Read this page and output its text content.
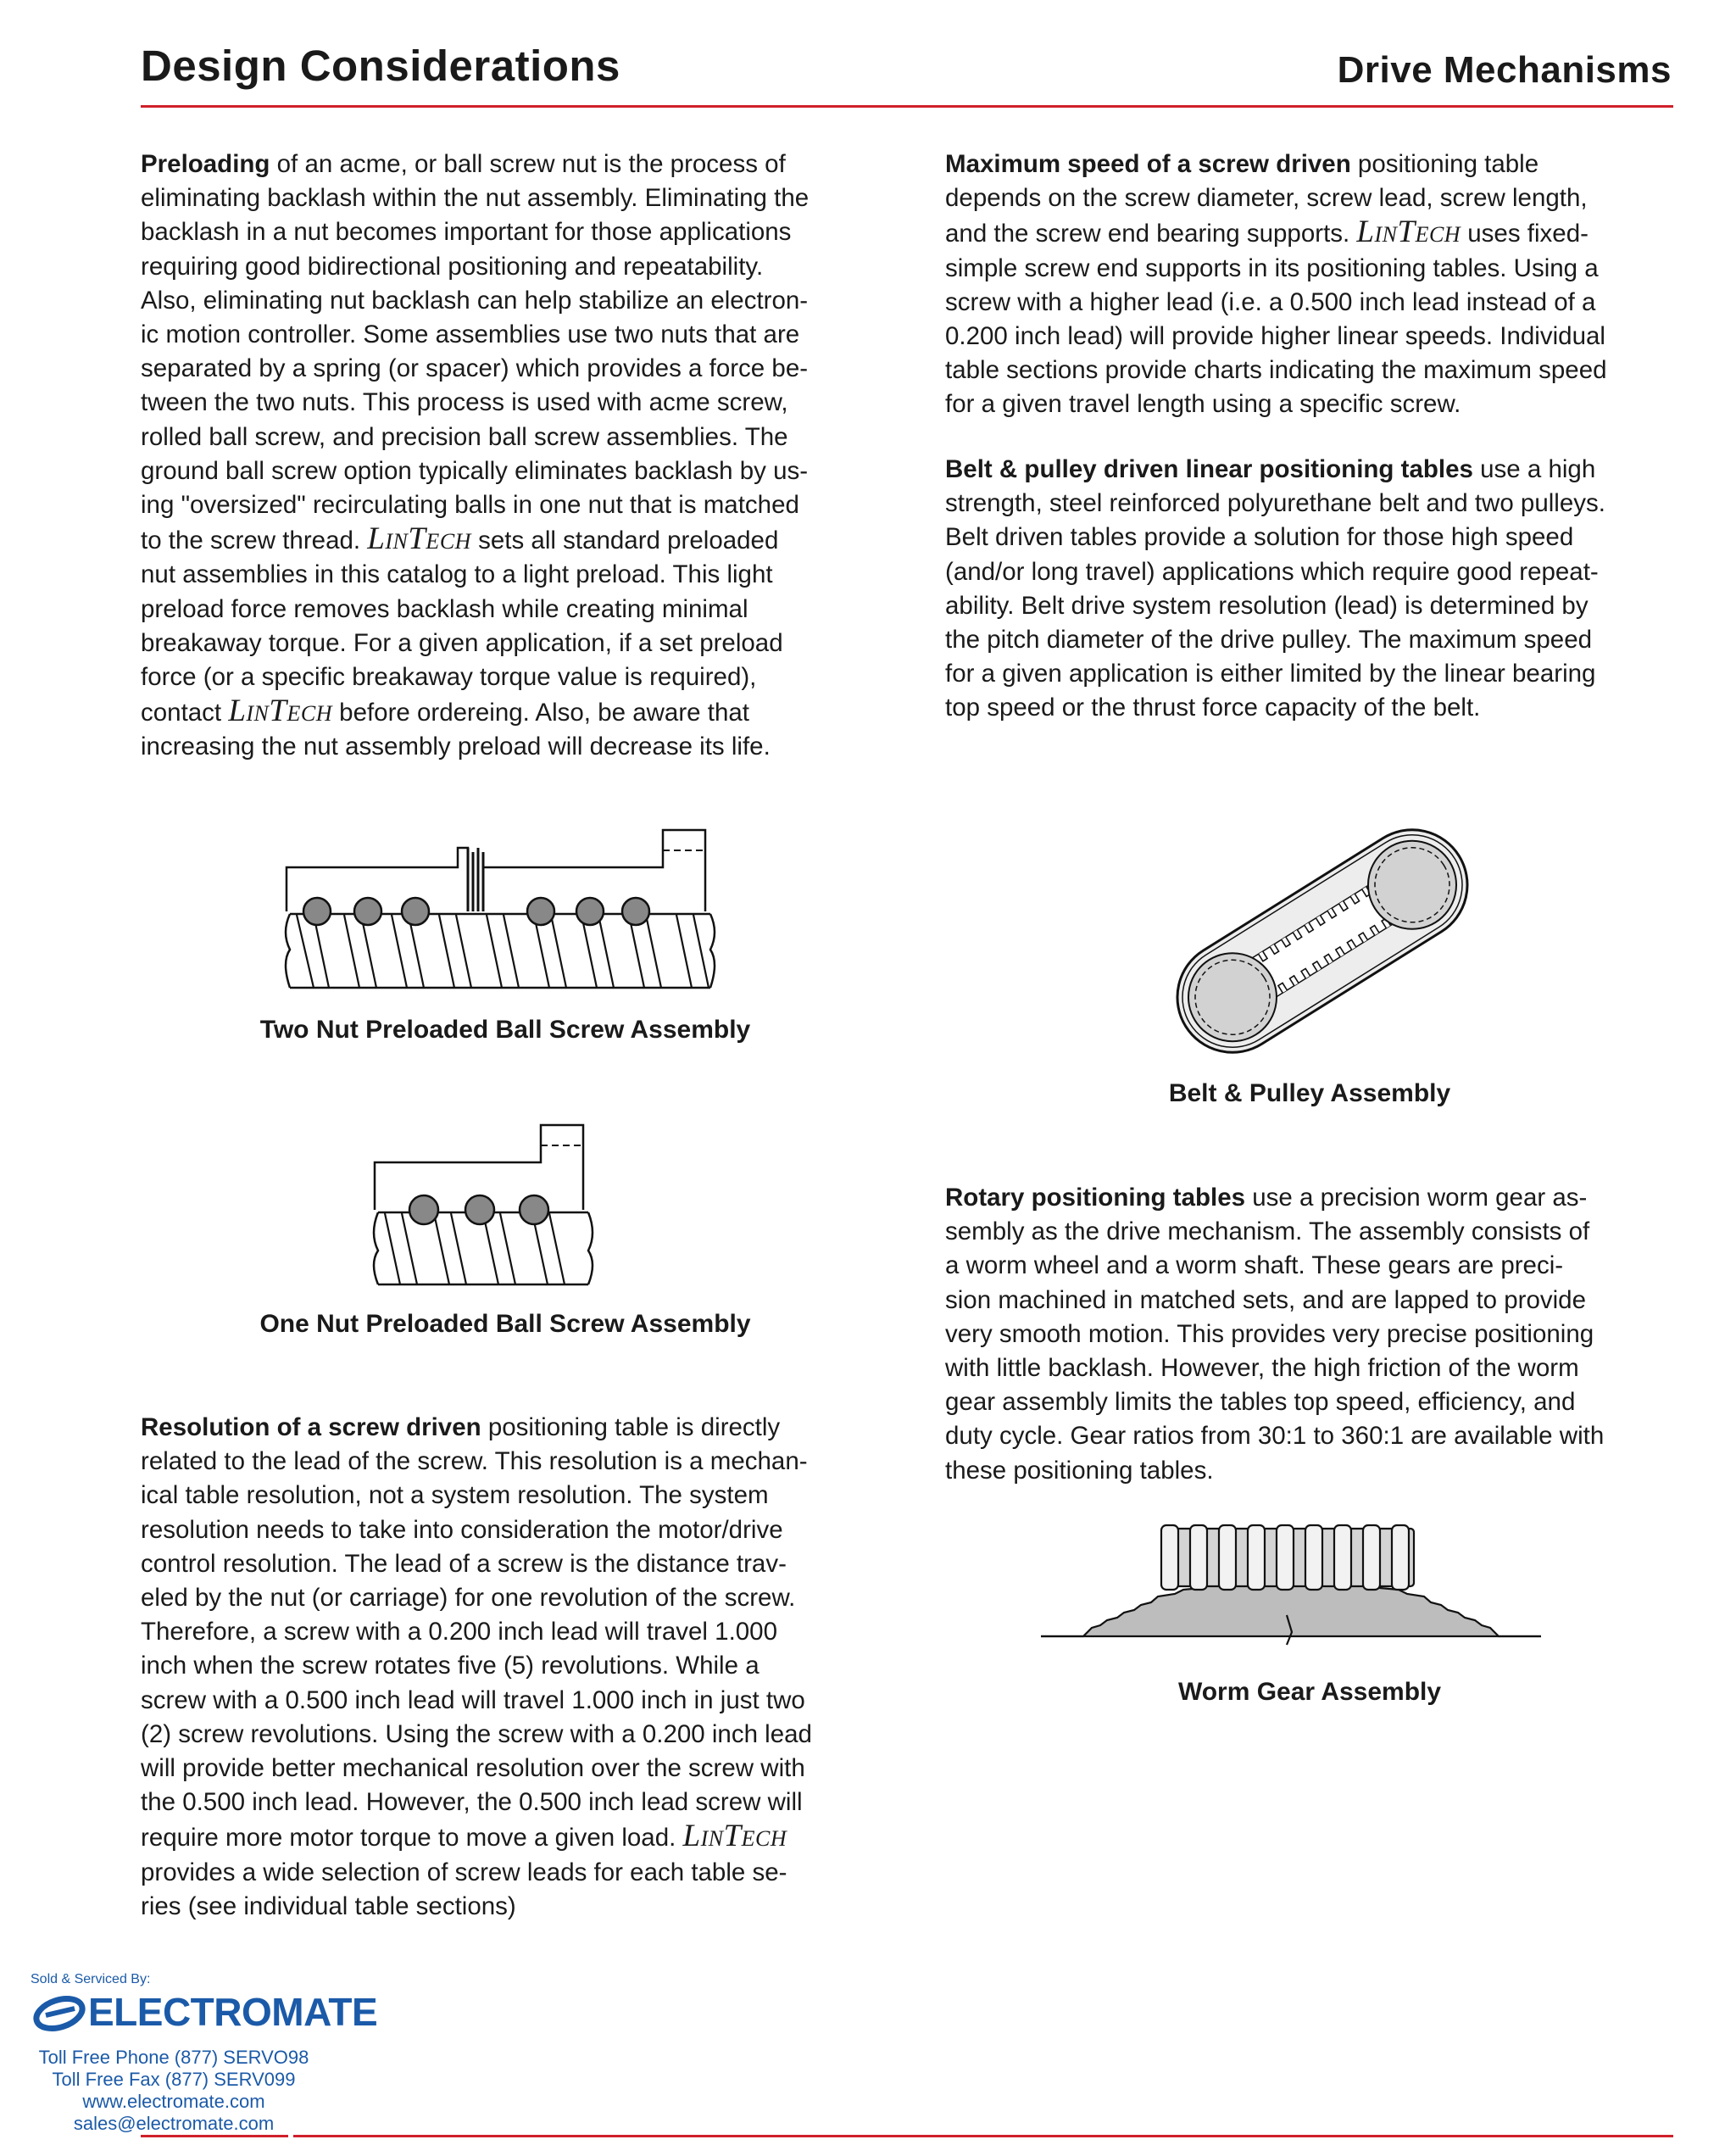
Design Considerations	Drive Mechanisms
Preloading of an acme, or ball screw nut is the process of
eliminating backlash within the nut assembly. Eliminating the
backlash in a nut becomes important for those applications
requiring good bidirectional positioning and repeatability.
Also, eliminating nut backlash can help stabilize an electron-
ic motion controller. Some assemblies use two nuts that are
separated by a spring (or spacer) which provides a force be-
tween the two nuts. This process is used with acme screw,
rolled ball screw, and precision ball screw assemblies. The
ground ball screw option typically eliminates backlash by us-
ing "oversized" recirculating balls in one nut that is matched
to the screw thread. LinTech sets all standard preloaded
nut assemblies in this catalog to a light preload. This light
preload force removes backlash while creating minimal
breakaway torque. For a given application, if a set preload
force (or a specific breakaway torque value is required),
contact LinTech before ordereing. Also, be aware that
increasing the nut assembly preload will decrease its life.
Two Nut Preloaded Ball Screw Assembly
One Nut Preloaded Ball Screw Assembly
Resolution of a screw driven positioning table is directly
related to the lead of the screw. This resolution is a mechan-
ical table resolution, not a system resolution. The system
resolution needs to take into consideration the motor/drive
control resolution. The lead of a screw is the distance trav-
eled by the nut (or carriage) for one revolution of the screw.
Therefore, a screw with a 0.200 inch lead will travel 1.000
inch when the screw rotates five (5) revolutions. While a
screw with a 0.500 inch lead will travel 1.000 inch in just two
(2) screw revolutions. Using the screw with a 0.200 inch lead
will provide better mechanical resolution over the screw with
the 0.500 inch lead. However, the 0.500 inch lead screw will
require more motor torque to move a given load. LinTech
provides a wide selection of screw leads for each table se-
ries (see individual table sections)
Maximum speed of a screw driven positioning table
depends on the screw diameter, screw lead, screw length,
and the screw end bearing supports. LinTech uses fixed-
simple screw end supports in its positioning tables. Using a
screw with a higher lead (i.e. a 0.500 inch lead instead of a
0.200 inch lead) will provide higher linear speeds. Individual
table sections provide charts indicating the maximum speed
for a given travel length using a specific screw.
Belt & pulley driven linear positioning tables use a high
strength, steel reinforced polyurethane belt and two pulleys.
Belt driven tables provide a solution for those high speed
(and/or long travel) applications which require good repeat-
ability. Belt drive system resolution (lead) is determined by
the pitch diameter of the drive pulley. The maximum speed
for a given application is either limited by the linear bearing
top speed or the thrust force capacity of the belt.
Belt & Pulley Assembly
Rotary positioning tables use a precision worm gear as-
sembly as the drive mechanism. The assembly consists of
a worm wheel and a worm shaft. These gears are preci-
sion machined in matched sets, and are lapped to provide
very smooth motion. This provides very precise positioning
with little backlash. However, the high friction of the worm
gear assembly limits the tables top speed, efficiency, and
duty cycle. Gear ratios from 30:1 to 360:1 are available with
these positioning tables.
Worm Gear Assembly
Sold & Serviced By:
ELECTROMATE
Toll Free Phone (877) SERVO98
Toll Free Fax (877) SERV099
www.electromate.com
sales@electromate.com
